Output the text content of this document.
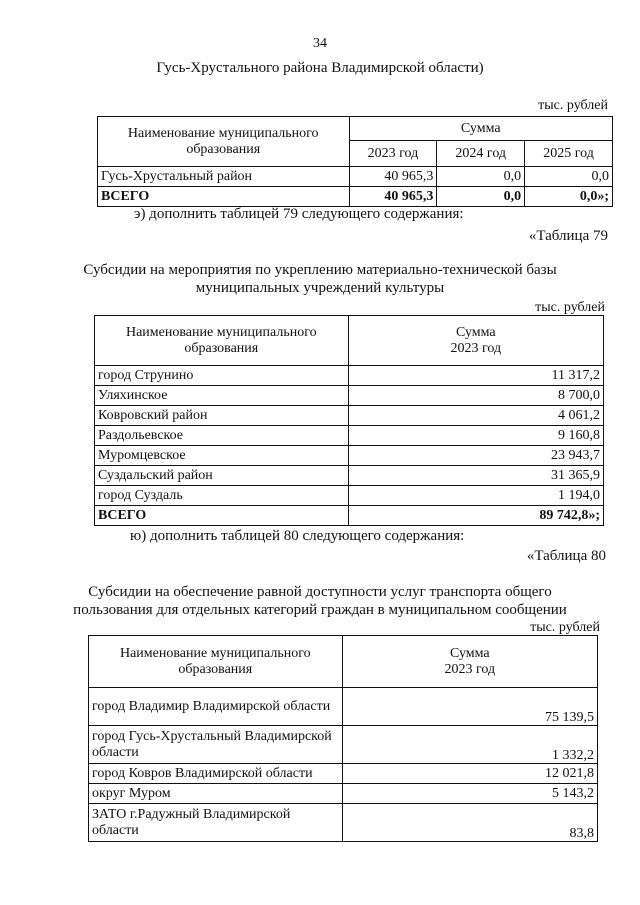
34
Гусь-Хрустального района Владимирской области)
тыс. рублей
Наименование муниципального образования	Сумма		
	2023 год	2024 год	2025 год
Гусь-Хрустальный район	40 965,3	0,0	0,0
ВСЕГО	40 965,3	0,0	0,0»;
э) дополнить таблицей 79 следующего содержания:
«Таблица 79
Субсидии на мероприятия по укреплению материально-технической базы
муниципальных учреждений культуры
тыс. рублей
Наименование муниципального образования	Сумма
2023 год
город Струнино	11 317,2
Уляхинское	8 700,0
Ковровский район	4 061,2
Раздольевское	9 160,8
Муромцевское	23 943,7
Суздальский район	31 365,9
город Суздаль	1 194,0
ВСЕГО	89 742,8»;
ю) дополнить таблицей 80 следующего содержания:
«Таблица 80
Субсидии на обеспечение равной доступности услуг транспорта общего
пользования для отдельных категорий граждан в муниципальном сообщении
тыс. рублей
Наименование муниципального образования	Сумма
2023 год
город Владимир Владимирской области	75 139,5
город Гусь-Хрустальный Владимирской области	1 332,2
город Ковров Владимирской области	12 021,8
округ Муром	5 143,2
ЗАТО г.Радужный Владимирской области	83,8
